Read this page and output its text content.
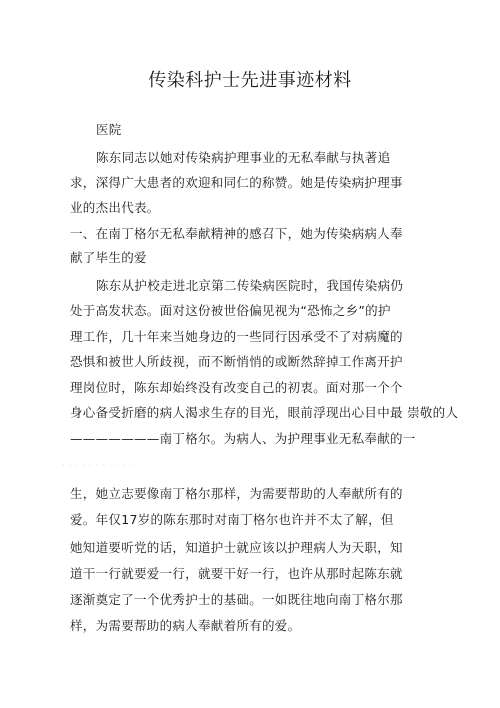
传染科护士先进事迹材料
医院
陈东同志以她对传染病护理事业的无私奉献与执著追
求，深得广大患者的欢迎和同仁的称赞。她是传染病护理事
业的杰出代表。
一、在南丁格尔无私奉献精神的感召下，她为传染病病人奉
献了毕生的爱
陈东从护校走进北京第二传染病医院时，我国传染病仍
处于高发状态。面对这份被世俗偏见视为“恐怖之乡”的护
理工作，几十年来当她身边的一些同行因承受不了对病魔的
恐惧和被世人所歧视，而不断悄悄的或断然辞掉工作离开护
理岗位时，陈东却始终没有改变自己的初衷。面对那一个个
身心备受折磨的病人渴求生存的目光，眼前浮现出心目中最 崇敬的人
———————南丁格尔。为病人、为护理事业无私奉献的一
· · · · · · · · · · ·
生，她立志要像南丁格尔那样，为需要帮助的人奉献所有的
爱。年仅17岁的陈东那时对南丁格尔也许并不太了解，但
她知道要听党的话，知道护士就应该以护理病人为天职，知
道干一行就要爱一行，就要干好一行，也许从那时起陈东就
逐渐奠定了一个优秀护士的基础。一如既往地向南丁格尔那
样，为需要帮助的病人奉献着所有的爱。
